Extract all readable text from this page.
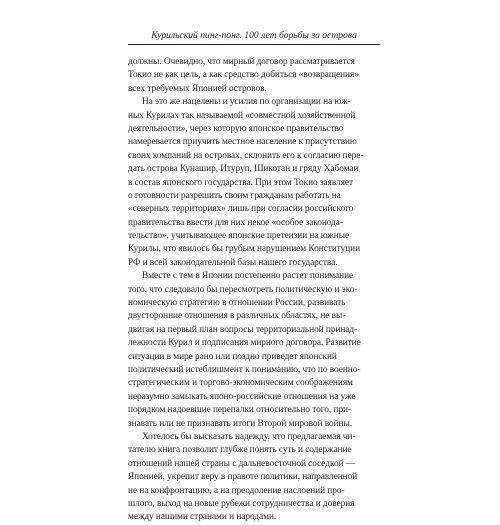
Курильский пинг-понг. 100 лет борьбы за острова
должны. Очевидно, что мирный договор рассматривается
Токио не как цель, а как средство добиться «возвращения»
всех требуемых Японией островов.
На это же нацелены и усилия по организации на юж-
ных Курилах так называемой «совместной хозяйственной
деятельности», через которую японское правительство
намеревается приучить местное население к присутствию
своих компаний на островах, склонить его к согласию пере-
дать острова Кунашир, Итуруп, Шикотан и гряду Хабомаи
в состав японского государства. При этом Токио заявляет
о готовности разрешить своим гражданам работать на
«северных территориях» лишь при согласии российского
правительства ввести для них некое «особое законода-
тельство», учитывающее японские претензии на южные
Курилы, что явилось бы грубым нарушением Конституции
РФ и всей законодательной базы нашего государства.
Вместе с тем в Японии постепенно растет понимание
того, что следовало бы пересмотреть политическую и эко-
номическую стратегию в отношении России, развивать
двусторонние отношения в различных областях, не вы-
двигая на первый план вопросы территориальной принад-
лежности Курил и подписания мирного договора. Развитие
ситуации в мире рано или поздно приведет японский
политический истеблишмент к пониманию, что по военно-
стратегическим и торгово-экономическим соображениям
неразумно замыкать японо-российские отношения на уже
порядком надоевшие перепалки относительно того, при-
знавать или не признавать итоги Второй мировой войны.
Хотелось бы высказать надежду, что предлагаемая чи-
тателю книга позволит глубже понять суть и содержание
отношений нашей страны с дальневосточной соседкой —
Японией, укрепит веру в правоте политики, направленной
не на конфронтацию, а на преодоление наслоений про-
шлого, выход на новые рубежи сотрудничества и доверия
между нашими странами и народами.
